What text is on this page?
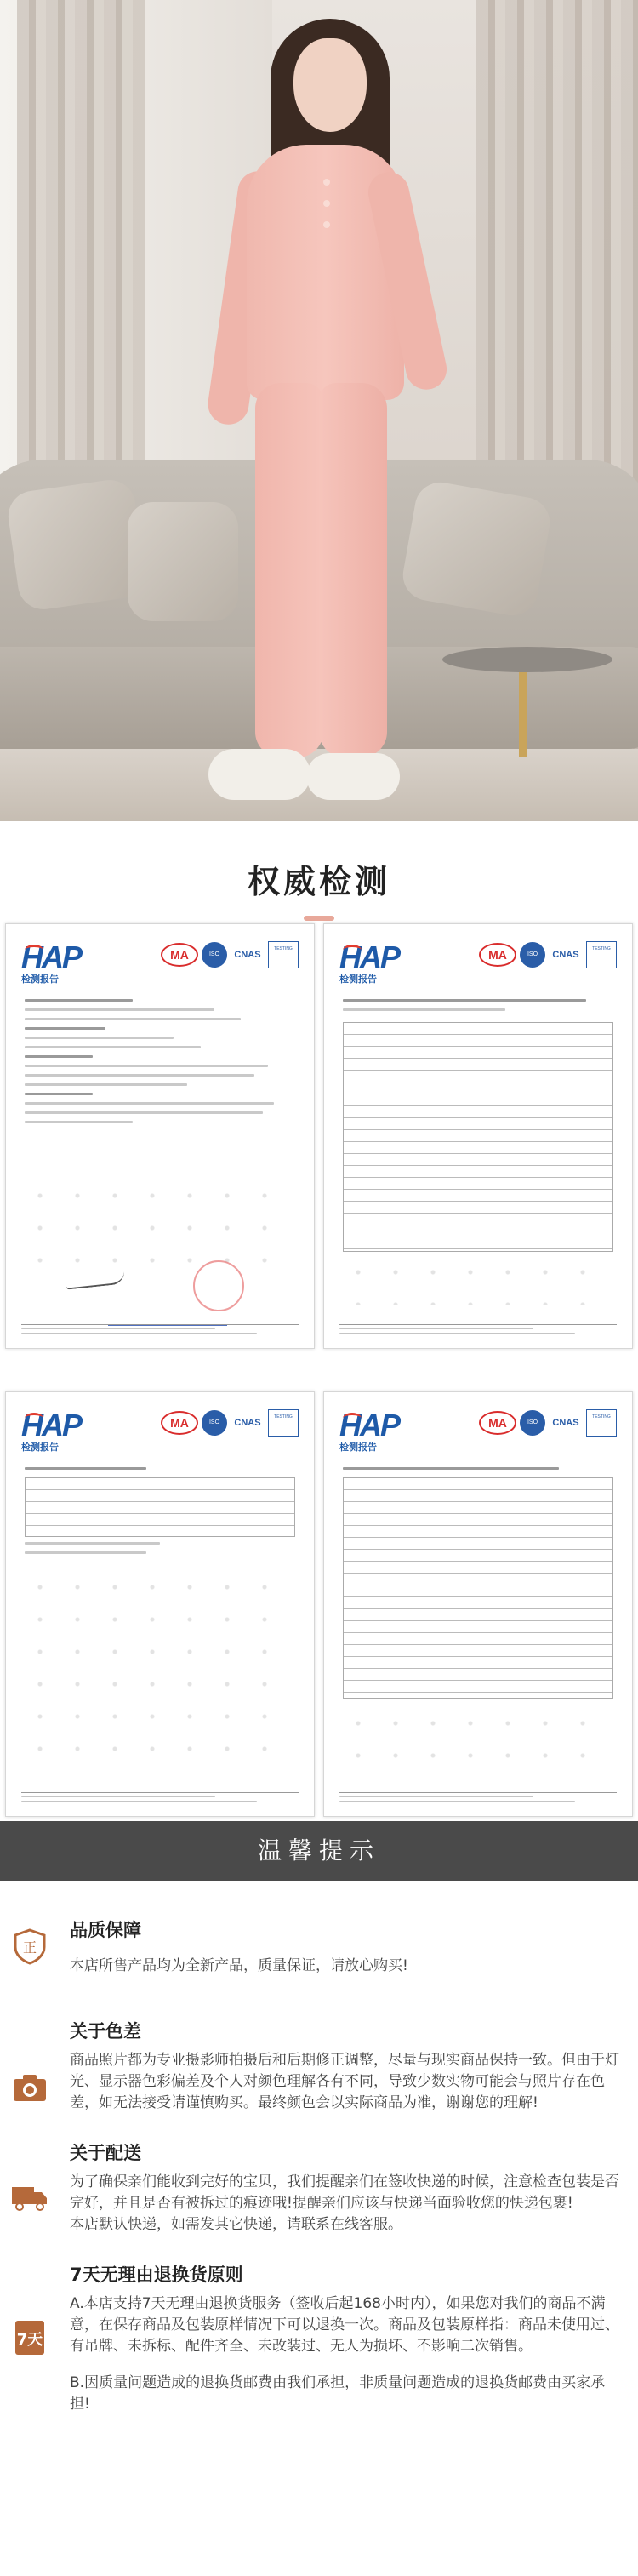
权威检测
HAP	MA	ISO	CNAS
TESTING
检测报告
HAP	MA	ISO	CNAS
TESTING
检测报告
HAP	MA	ISO	CNAS
TESTING
检测报告
HAP	MA	ISO	CNAS
TESTING
检测报告
温馨提示
正
品质保障

本店所售产品均为全新产品，质量保证，请放心购买!

关于色差

商品照片都为专业摄影师拍摄后和后期修正调整，尽量与现实商品保持一致。但由于灯光、显示器色彩偏差及个人对颜色理解各有不同，导致少数实物可能会与照片存在色差，如无法接受请谨慎购买。最终颜色会以实际商品为准，谢谢您的理解!

关于配送

为了确保亲们能收到完好的宝贝，我们提醒亲们在签收快递的时候，注意检查包装是否完好，并且是否有被拆过的痕迹哦!提醒亲们应该与快递当面验收您的快递包裹!
本店默认快递，如需发其它快递，请联系在线客服。

7天
7天无理由退换货原则

A.本店支持7天无理由退换货服务（签收后起168小时内），如果您对我们的商品不满意，在保存商品及包装原样情况下可以退换一次。商品及包装原样指：商品未使用过、有吊牌、未拆标、配件齐全、未改装过、无人为损坏、不影响二次销售。

B.因质量问题造成的退换货邮费由我们承担，非质量问题造成的退换货邮费由买家承担!
